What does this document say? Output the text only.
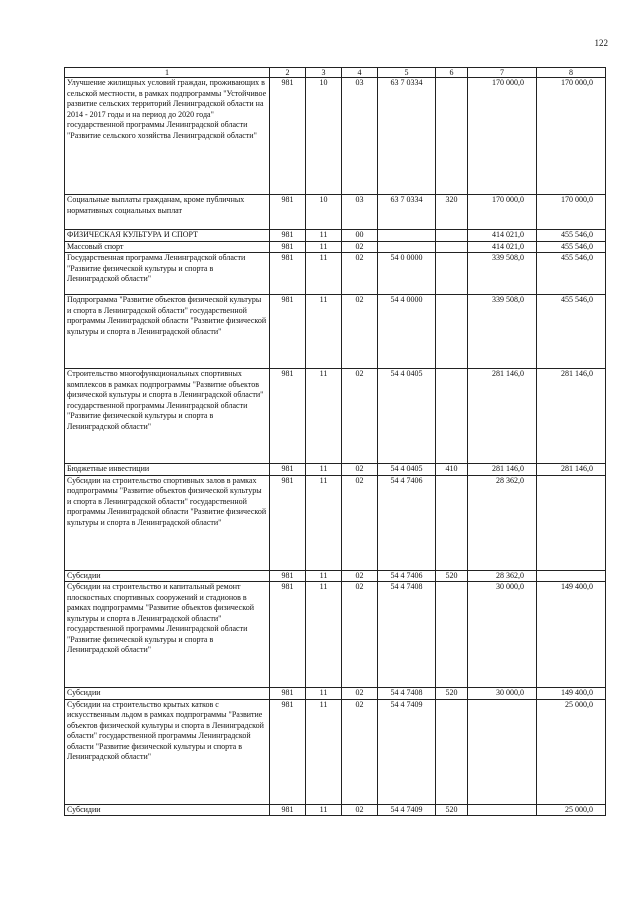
122
1	2	3	4	5	6	7	8
Улучшение жилищных условий граждан, проживающих в сельской местности, в рамках подпрограммы "Устойчивое развитие сельских территорий Ленинградской области на 2014 - 2017 годы и на период до 2020 года" государственной программы Ленинградской области "Развитие сельского хозяйства Ленинградской области"	981	10	03	63 7 0334		170 000,0	170 000,0
Социальные выплаты гражданам, кроме публичных нормативных социальных выплат	981	10	03	63 7 0334	320	170 000,0	170 000,0
ФИЗИЧЕСКАЯ КУЛЬТУРА И СПОРТ	981	11	00			414 021,0	455 546,0
Массовый спорт	981	11	02			414 021,0	455 546,0
Государственная программа Ленинградской области "Развитие физической культуры и спорта в Ленинградской области"	981	11	02	54 0 0000		339 508,0	455 546,0
Подпрограмма "Развитие объектов физической культуры и спорта в Ленинградской области" государственной программы Ленинградской области "Развитие физической культуры и спорта в Ленинградской области"	981	11	02	54 4 0000		339 508,0	455 546,0
Строительство многофункциональных спортивных комплексов в рамках подпрограммы "Развитие объектов физической культуры и спорта в Ленинградской области" государственной программы Ленинградской области "Развитие физической культуры и спорта в Ленинградской области"	981	11	02	54 4 0405		281 146,0	281 146,0
Бюджетные инвестиции	981	11	02	54 4 0405	410	281 146,0	281 146,0
Субсидии на строительство спортивных залов в рамках подпрограммы "Развитие объектов физической культуры и спорта в Ленинградской области" государственной программы Ленинградской области "Развитие физической культуры и спорта в Ленинградской области"	981	11	02	54 4 7406		28 362,0	
Субсидии	981	11	02	54 4 7406	520	28 362,0	
Субсидии на строительство и капитальный ремонт плоскостных спортивных сооружений и стадионов в рамках подпрограммы "Развитие объектов физической культуры и спорта в Ленинградской области" государственной программы Ленинградской области "Развитие физической культуры и спорта в Ленинградской области"	981	11	02	54 4 7408		30 000,0	149 400,0
Субсидии	981	11	02	54 4 7408	520	30 000,0	149 400,0
Субсидии на строительство крытых катков с искусственным льдом в рамках подпрограммы "Развитие объектов физической культуры и спорта в Ленинградской области" государственной программы Ленинградской области "Развитие физической культуры и спорта в Ленинградской области"	981	11	02	54 4 7409			25 000,0
Субсидии	981	11	02	54 4 7409	520		25 000,0
